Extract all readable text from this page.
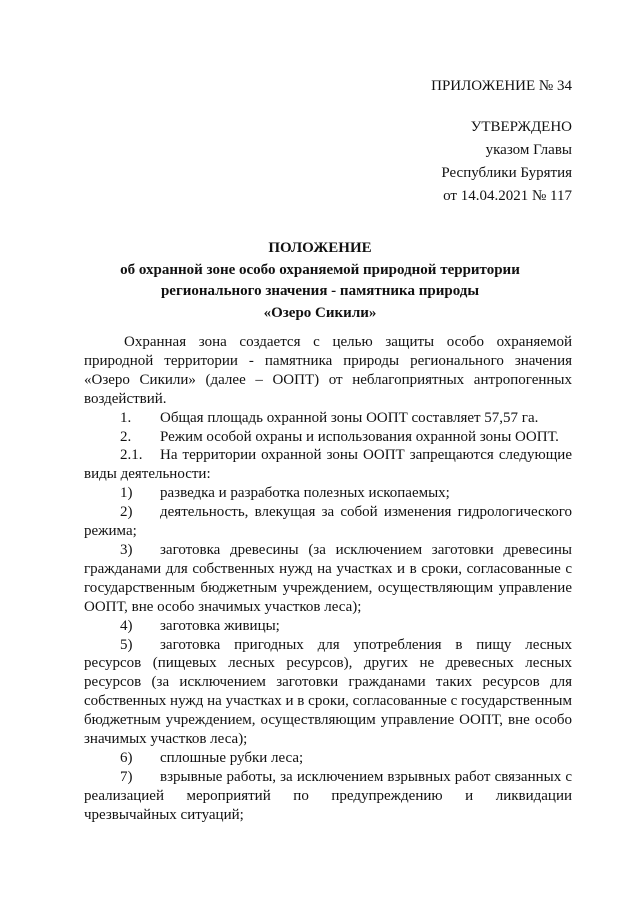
ПРИЛОЖЕНИЕ № 34
УТВЕРЖДЕНО
указом Главы
Республики Бурятия
от 14.04.2021 № 117
ПОЛОЖЕНИЕ
об охранной зоне особо охраняемой природной территории
регионального значения - памятника природы
«Озеро Сикили»

Охранная зона создается с целью защиты особо охраняемой природной территории - памятника природы регионального значения «Озеро Сикили» (далее – ООПТ) от неблагоприятных антропогенных воздействий.

1. Общая площадь охранной зоны ООПТ составляет 57,57 га.

2. Режим особой охраны и использования охранной зоны ООПТ.

2.1. На территории охранной зоны ООПТ запрещаются следующие виды деятельности:

1) разведка и разработка полезных ископаемых;

2) деятельность, влекущая за собой изменения гидрологического режима;

3) заготовка древесины (за исключением заготовки древесины гражданами для собственных нужд на участках и в сроки, согласованные с государственным бюджетным учреждением, осуществляющим управление ООПТ, вне особо значимых участков леса);

4) заготовка живицы;

5) заготовка пригодных для употребления в пищу лесных ресурсов (пищевых лесных ресурсов), других не древесных лесных ресурсов (за исключением заготовки гражданами таких ресурсов для собственных нужд на участках и в сроки, согласованные с государственным бюджетным учреждением, осуществляющим управление ООПТ, вне особо значимых участков леса);

6) сплошные рубки леса;

7) взрывные работы, за исключением взрывных работ связанных с реализацией мероприятий по предупреждению и ликвидации чрезвычайных ситуаций;
